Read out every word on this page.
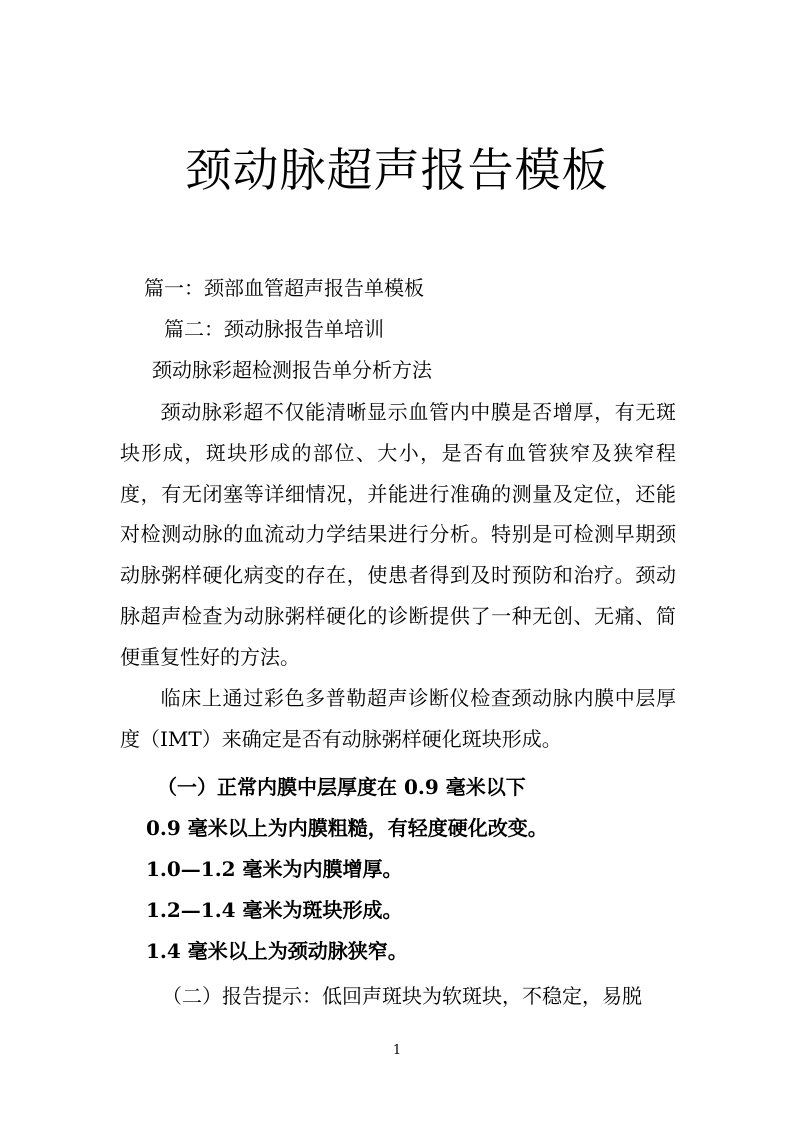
颈动脉超声报告模板
篇一：颈部血管超声报告单模板
篇二：颈动脉报告单培训
颈动脉彩超检测报告单分析方法
颈动脉彩超不仅能清晰显示血管内中膜是否增厚，有无斑块形成，斑块形成的部位、大小，是否有血管狭窄及狭窄程度，有无闭塞等详细情况，并能进行准确的测量及定位，还能对检测动脉的血流动力学结果进行分析。特别是可检测早期颈动脉粥样硬化病变的存在，使患者得到及时预防和治疗。颈动脉超声检查为动脉粥样硬化的诊断提供了一种无创、无痛、简便重复性好的方法。
临床上通过彩色多普勒超声诊断仪检查颈动脉内膜中层厚度（IMT）来确定是否有动脉粥样硬化斑块形成。
（一）正常内膜中层厚度在 0.9 毫米以下
0.9 毫米以上为内膜粗糙，有轻度硬化改变。
1.0—1.2 毫米为内膜增厚。
1.2—1.4 毫米为斑块形成。
1.4 毫米以上为颈动脉狭窄。
（二）报告提示：低回声斑块为软斑块，不稳定，易脱
1
